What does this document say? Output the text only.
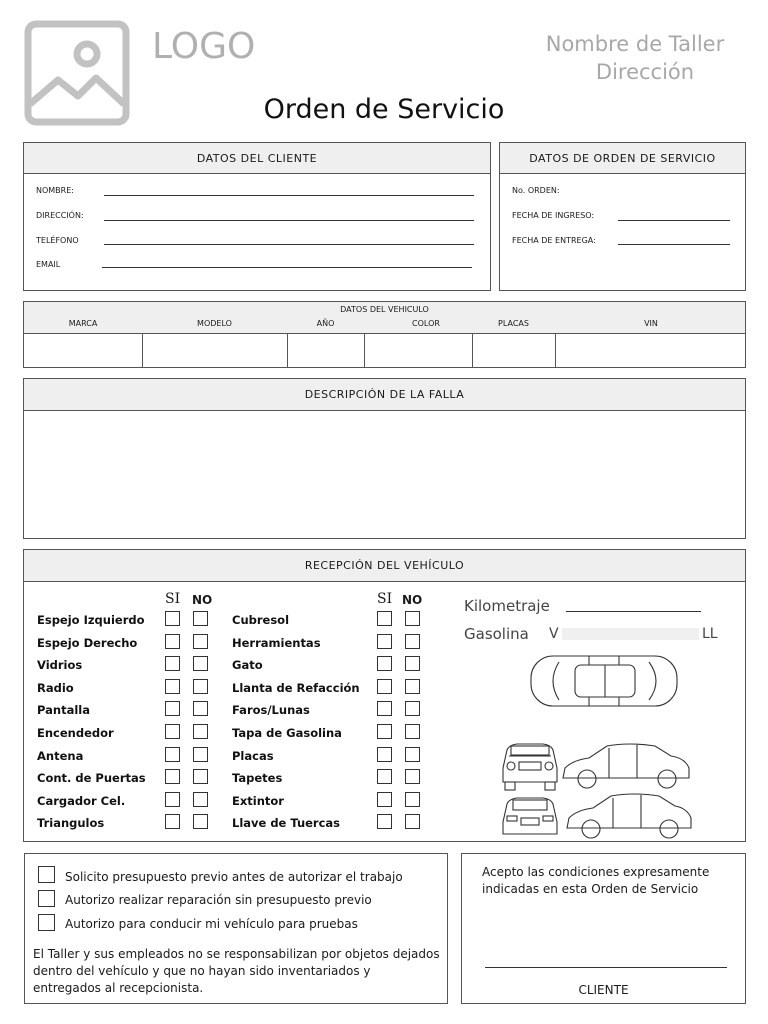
LOGO	Nombre de Taller
Dirección
Orden de Servicio
DATOS DEL CLIENTE
NOMBRE:
DIRECCIÓN:
TELÉFONO
EMAIL
DATOS DE ORDEN DE SERVICIO
No. ORDEN:
FECHA DE INGRESO:
FECHA DE ENTREGA:
DATOS DEL VEHICULO
MARCA	MODELO	AÑO	COLOR	PLACAS	VIN
DESCRIPCIÓN DE LA FALLA
RECEPCIÓN DEL VEHÍCULO
SI NO	SI NO
Espejo Izquierdo
Espejo Derecho
Vidrios
Radio
Pantalla
Encendedor
Antena
Cont. de Puertas
Cargador Cel.
Triangulos
Cubresol
Herramientas
Gato
Llanta de Refacción
Faros/Lunas
Tapa de Gasolina
Placas
Tapetes
Extintor
Llave de Tuercas
Kilometraje
Gasolina V	LL
Solicito presupuesto previo antes de autorizar el trabajo
Autorizo realizar reparación sin presupuesto previo
Autorizo para conducir mi vehículo para pruebas
El Taller y sus empleados no se responsabilizan por objetos dejados dentro del vehículo y que no hayan sido inventariados y entregados al recepcionista.
Acepto las condiciones expresamente indicadas en esta Orden de Servicio
CLIENTE
